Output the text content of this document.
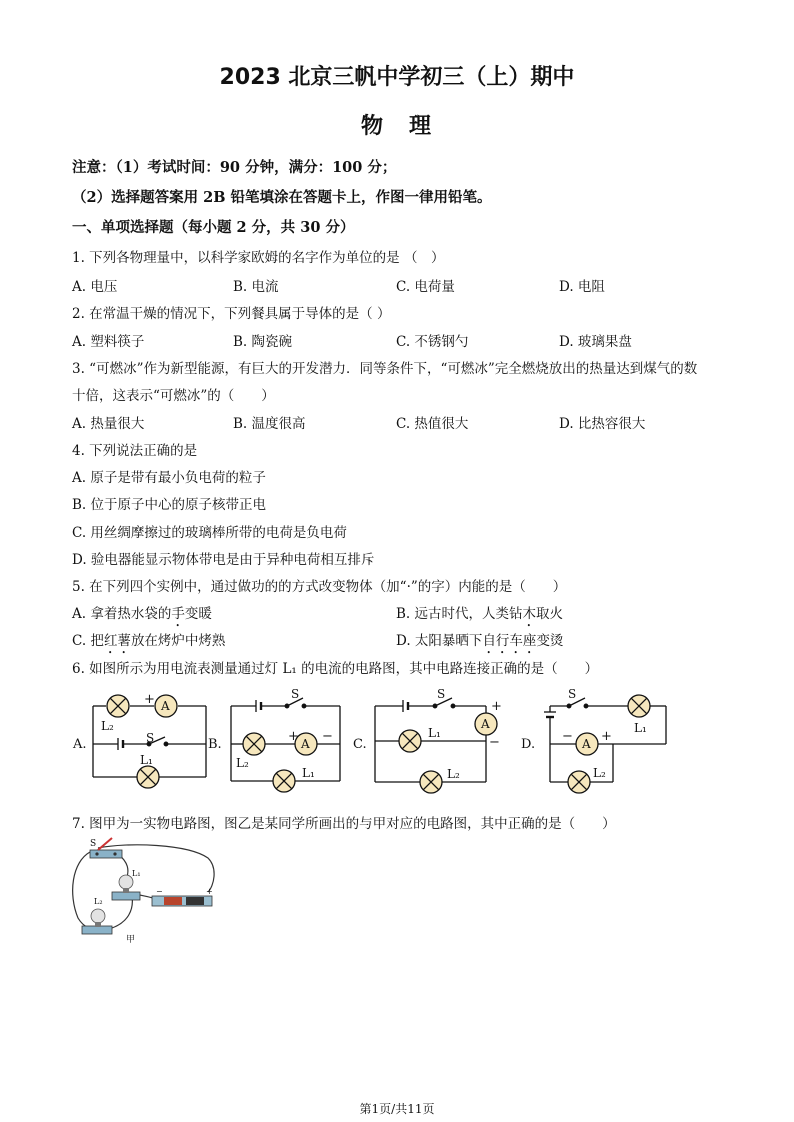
2023 北京三帆中学初三（上）期中
物　理
注意：（1）考试时间：90 分钟，满分：100 分；
（2）选择题答案用 2B 铅笔填涂在答题卡上，作图一律用铅笔。
一、单项选择题（每小题 2 分，共 30 分）
1. 下列各物理量中，以科学家欧姆的名字作为单位的是 （　）
A. 电压	B. 电流	C. 电荷量	D. 电阻
2. 在常温干燥的情况下，下列餐具属于导体的是（ ）
A. 塑料筷子	B. 陶瓷碗	C. 不锈钢勺	D. 玻璃果盘
3. “可燃冰”作为新型能源，有巨大的开发潜力．同等条件下，“可燃冰”完全燃烧放出的热量达到煤气的数
十倍，这表示“可燃冰”的（　　）
A. 热量很大	B. 温度很高	C. 热值很大	D. 比热容很大
4. 下列说法正确的是
A. 原子是带有最小负电荷的粒子
B. 位于原子中心的原子核带正电
C. 用丝绸摩擦过的玻璃棒所带的电荷是负电荷
D. 验电器能显示物体带电是由于异种电荷相互排斥
5. 在下列四个实例中，通过做功的的方式改变物体（加“·”的字）内能的是（　　）
A. 拿着热水袋的手变暖	B. 远古时代，人类钻木取火
C. 把红薯放在烤炉中烤熟	D. 太阳暴晒下自行车座变烫
6. 如图所示为用电流表测量通过灯 L₁ 的电流的电路图，其中电路连接正确的是（　　）
A.
A
+
L₂
S
L₁
B.	A
+ −
S
L₂
L₁
C.
A
+
−
S
L₁
L₂
D.	A
− +
S
L₁
L₂
7. 图甲为一实物电路图，图乙是某同学所画出的与甲对应的电路图，其中正确的是（　　）
S
L₁
L₂
−	+
甲
第1页/共11页
